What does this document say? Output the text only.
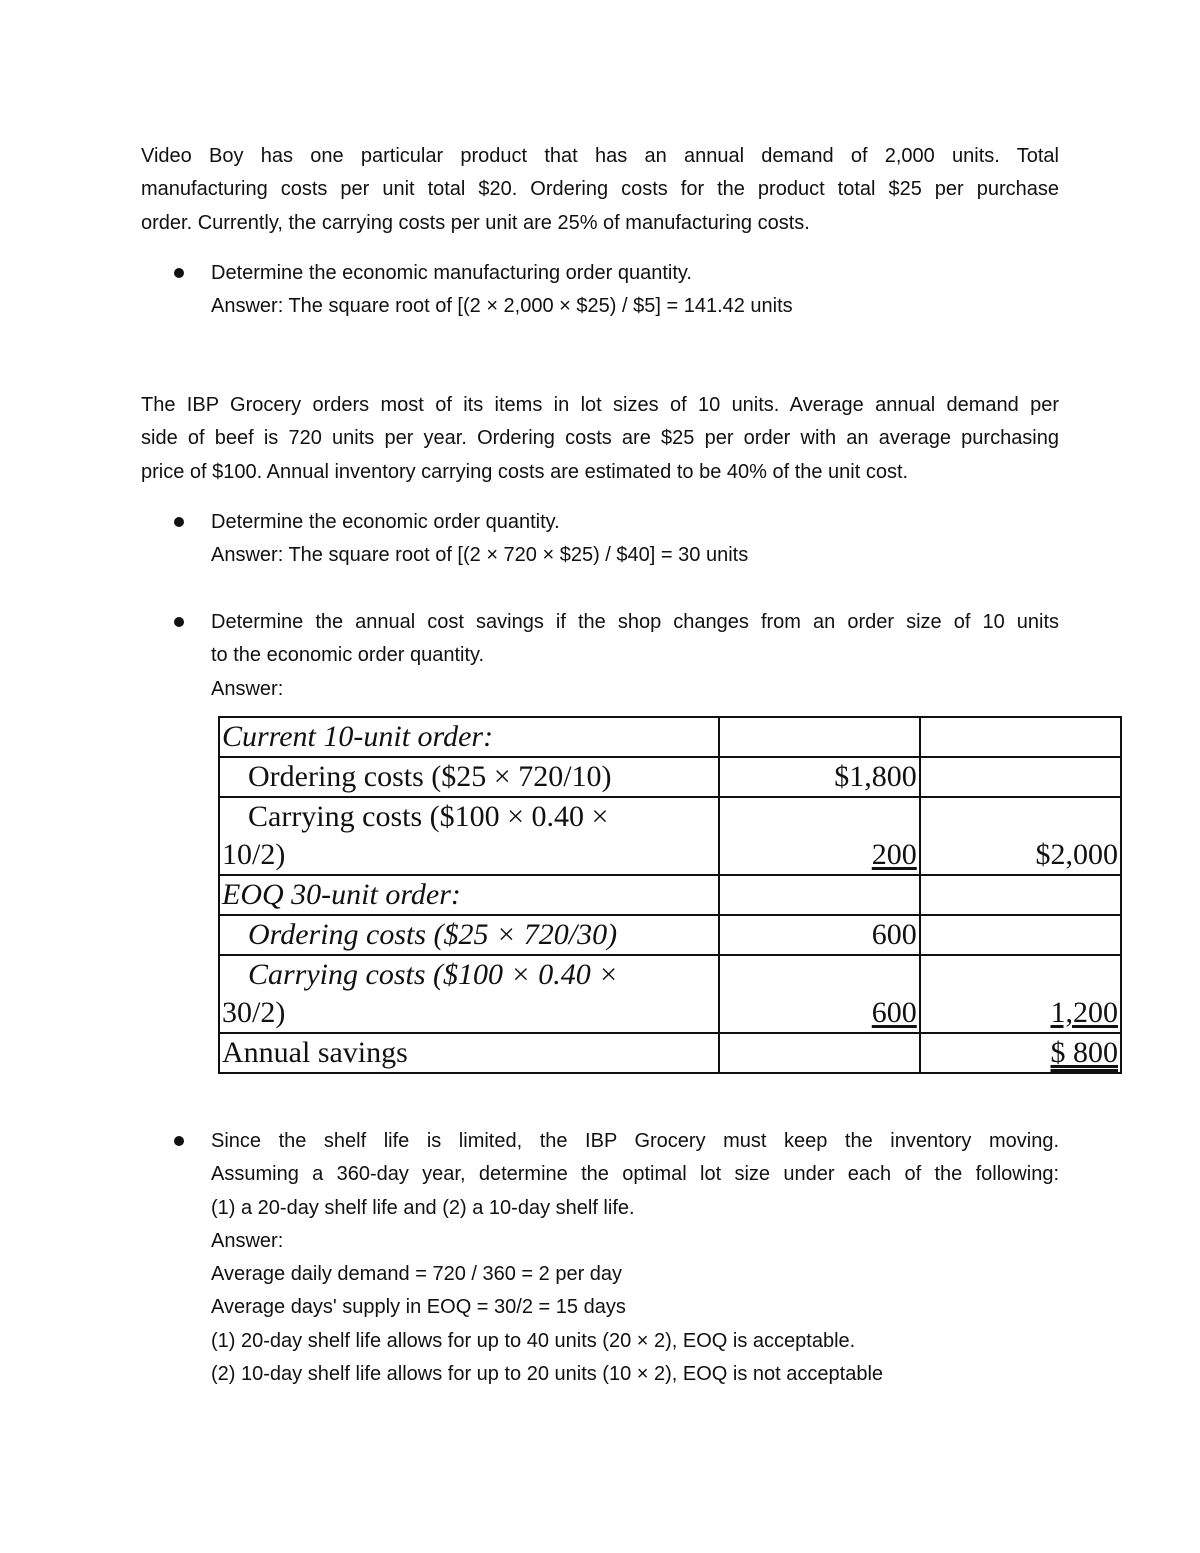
Video Boy has one particular product that has an annual demand of 2,000 units. Total
manufacturing costs per unit total $20. Ordering costs for the product total $25 per purchase
order. Currently, the carrying costs per unit are 25% of manufacturing costs.
Determine the economic manufacturing order quantity.
Answer: The square root of [(2 × 2,000 × $25) / $5] = 141.42 units
The IBP Grocery orders most of its items in lot sizes of 10 units. Average annual demand per
side of beef is 720 units per year. Ordering costs are $25 per order with an average purchasing
price of $100. Annual inventory carrying costs are estimated to be 40% of the unit cost.
Determine the economic order quantity.
Answer: The square root of [(2 × 720 × $25) / $40] = 30 units
Determine the annual cost savings if the shop changes from an order size of 10 units
to the economic order quantity.
Answer:
Current 10-unit order:		
Ordering costs ($25 × 720/10)	$1,800	
Carrying costs ($100 × 0.40 ×
10/2)	200	$2,000
EOQ 30-unit order:		
Ordering costs ($25 × 720/30)	600	
Carrying costs ($100 × 0.40 ×
30/2)	600	1,200
Annual savings		$ 800
Since the shelf life is limited, the IBP Grocery must keep the inventory moving.
Assuming a 360-day year, determine the optimal lot size under each of the following:
(1) a 20-day shelf life and (2) a 10-day shelf life.
Answer:
Average daily demand = 720 / 360 = 2 per day
Average days' supply in EOQ = 30/2 = 15 days
(1) 20-day shelf life allows for up to 40 units (20 × 2), EOQ is acceptable.
(2) 10-day shelf life allows for up to 20 units (10 × 2), EOQ is not acceptable
